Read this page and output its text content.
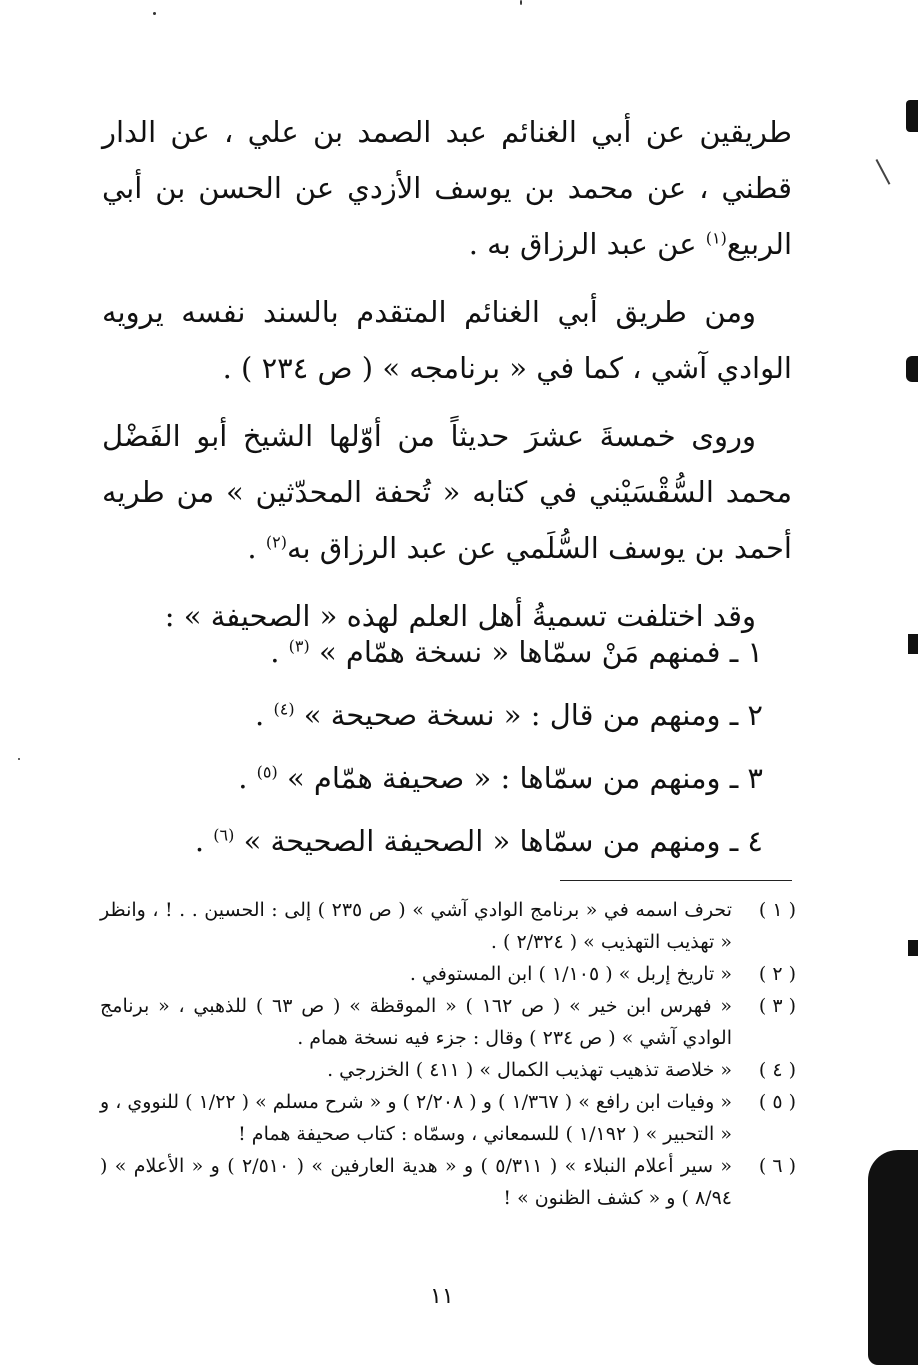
طريقين عن أبي الغنائم عبد الصمد بن علي ، عن الدار قطني ، عن محمد بن يوسف الأزدي عن الحسن بن أبي الربيع$^{(١)}$ عن عبد الرزاق به .

ومن طريق أبي الغنائم المتقدم بالسند نفسه يرويه الوادي آشي ، كما في « برنامجه » ( ص ٢٣٤ ) .

وروى خمسةَ عشرَ حديثاً من أوّلها الشيخ أبو الفَضْل محمد السُّقْسَيْني في كتابه « تُحفة المحدّثين » من طريه أحمد بن يوسف السُّلَمي عن عبد الرزاق به$^{(٢)}$ .

وقد اختلفت تسميةُ أهل العلم لهذه « الصحيفة » :

١ ـ فمنهم مَنْ سمّاها « نسخة همّام » $^{(٣)}$ .
٢ ـ ومنهم من قال : « نسخة صحيحة » $^{(٤)}$ .
٣ ـ ومنهم من سمّاها : « صحيفة همّام » $^{(٥)}$ .
٤ ـ ومنهم من سمّاها « الصحيفة الصحيحة » $^{(٦)}$ .
( ١ )
تحرف اسمه في « برنامج الوادي آشي » ( ص ٢٣٥ ) إلى : الحسين . . ! ، وانظر « تهذيب التهذيب » ( ٢/٣٢٤ ) .
( ٢ )
« تاريخ إربل » ( ١/١٠٥ ) ابن المستوفي .
( ٣ )
« فهرس ابن خير » ( ص ١٦٢ ) « الموقظة » ( ص ٦٣ ) للذهبي ، « برنامج الوادي آشي » ( ص ٢٣٤ ) وقال : جزء فيه نسخة همام .
( ٤ )
« خلاصة تذهيب تهذيب الكمال » ( ٤١١ ) الخزرجي .
( ٥ )
« وفيات ابن رافع » ( ١/٣٦٧ ) و ( ٢/٢٠٨ ) و « شرح مسلم » ( ١/٢٢ ) للنووي ، و « التحبير » ( ١/١٩٢ ) للسمعاني ، وسمّاه : كتاب صحيفة همام !
( ٦ )
« سير أعلام النبلاء » ( ٥/٣١١ ) و « هدية العارفين » ( ٢/٥١٠ ) و « الأعلام » ( ٨/٩٤ ) و « كشف الظنون » !
١١
